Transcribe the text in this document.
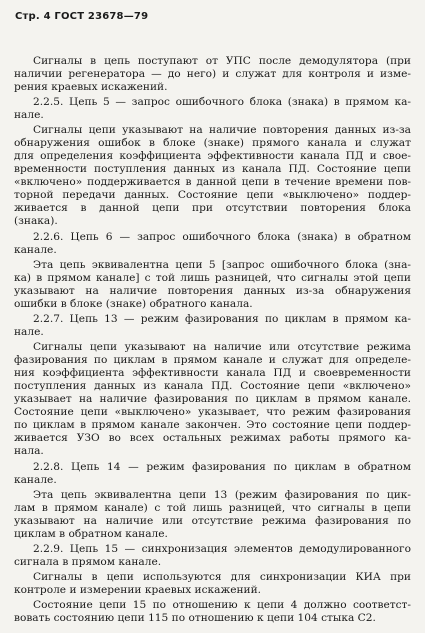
Стр. 4 ГОСТ 23678—79
Сигналы в цепь поступают от УПС после демодулятора (при
наличии регенератора — до него) и служат для контроля и изме-
рения краевых искажений.
2.2.5. Цепь 5 — запрос ошибочного блока (знака) в прямом ка-
нале.
Сигналы цепи указывают на наличие повторения данных из-за
обнаружения ошибок в блоке (знаке) прямого канала и служат
для определения коэффициента эффективности канала ПД и свое-
временности поступления данных из канала ПД. Состояние цепи
«включено» поддерживается в данной цепи в течение времени пов-
торной передачи данных. Состояние цепи «выключено» поддер-
живается в данной цепи при отсутствии повторения блока
(знака).
2.2.6. Цепь 6 — запрос ошибочного блока (знака) в обратном
канале.
Эта цепь эквивалентна цепи 5 [запрос ошибочного блока (зна-
ка) в прямом канале] с той лишь разницей, что сигналы этой цепи
указывают на наличие повторения данных из-за обнаружения
ошибки в блоке (знаке) обратного канала.
2.2.7. Цепь 13 — режим фазирования по циклам в прямом ка-
нале.
Сигналы цепи указывают на наличие или отсутствие режима
фазирования по циклам в прямом канале и служат для определе-
ния коэффициента эффективности канала ПД и своевременности
поступления данных из канала ПД. Состояние цепи «включено»
указывает на наличие фазирования по циклам в прямом канале.
Состояние цепи «выключено» указывает, что режим фазирования
по циклам в прямом канале закончен. Это состояние цепи поддер-
живается УЗО во всех остальных режимах работы прямого ка-
нала.
2.2.8. Цепь 14 — режим фазирования по циклам в обратном
канале.
Эта цепь эквивалентна цепи 13 (режим фазирования по цик-
лам в прямом канале) с той лишь разницей, что сигналы в цепи
указывают на наличие или отсутствие режима фазирования по
циклам в обратном канале.
2.2.9. Цепь 15 — синхронизация элементов демодулированного
сигнала в прямом канале.
Сигналы в цепи используются для синхронизации КИА при
контроле и измерении краевых искажений.
Состояние цепи 15 по отношению к цепи 4 должно соответст-
вовать состоянию цепи 115 по отношению к цепи 104 стыка С2.
